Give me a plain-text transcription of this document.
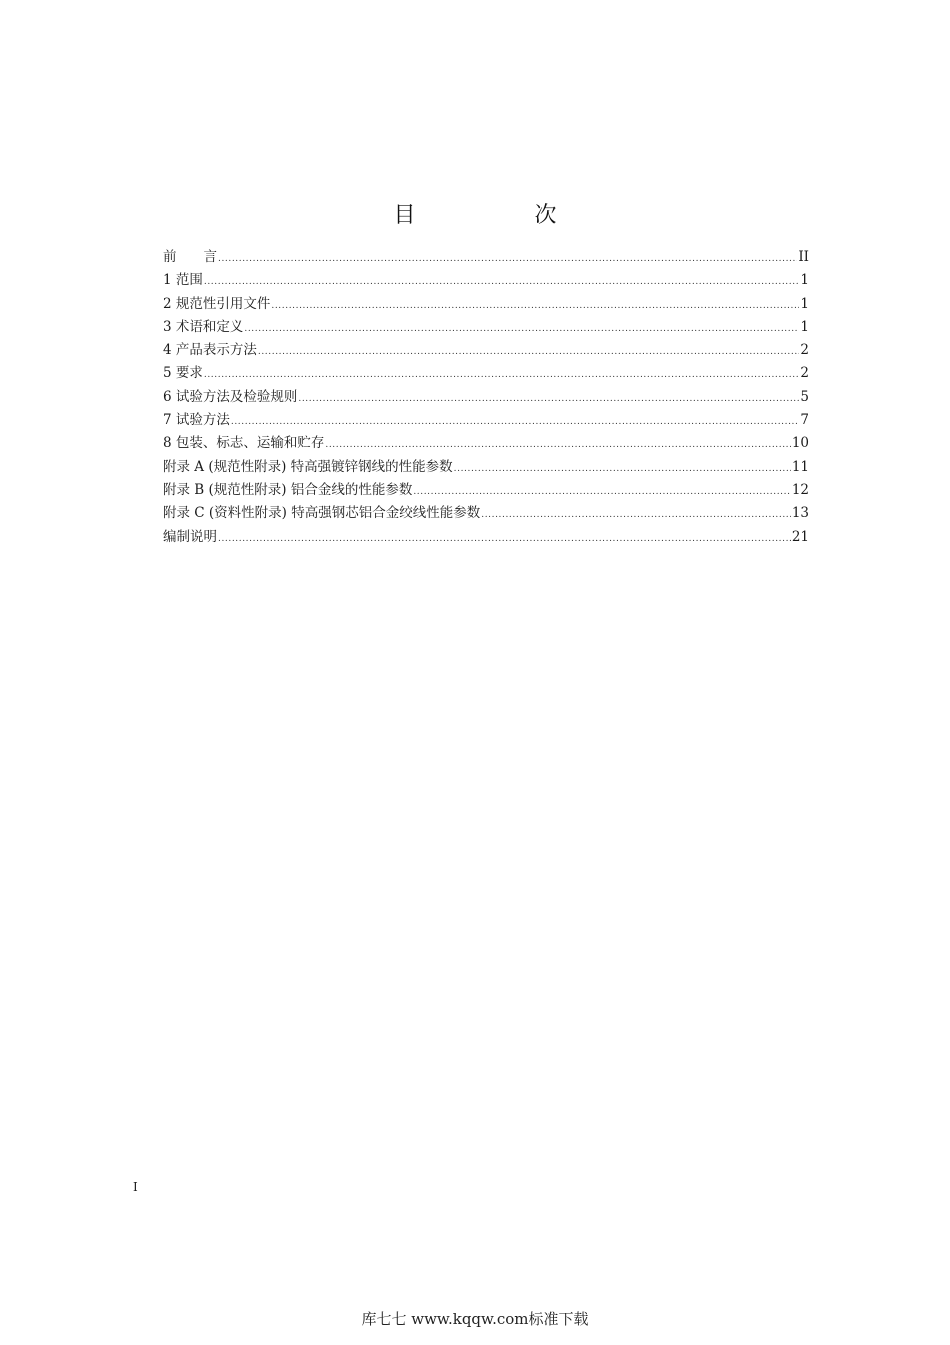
目 次
前　　言 .....	II
1 范围 .....	1
2 规范性引用文件 .....	1
3 术语和定义 .....	1
4 产品表示方法 .....	2
5 要求 .....	2
6 试验方法及检验规则 .....	5
7 试验方法 .....	7
8 包装、标志、运输和贮存 .....	10
附录 A (规范性附录) 特高强镀锌钢线的性能参数 .....	11
附录 B (规范性附录) 铝合金线的性能参数 .....	12
附录 C (资料性附录) 特高强钢芯铝合金绞线性能参数 .....	13
编制说明 .....	21
I
库七七 www.kqqw.com标准下载
